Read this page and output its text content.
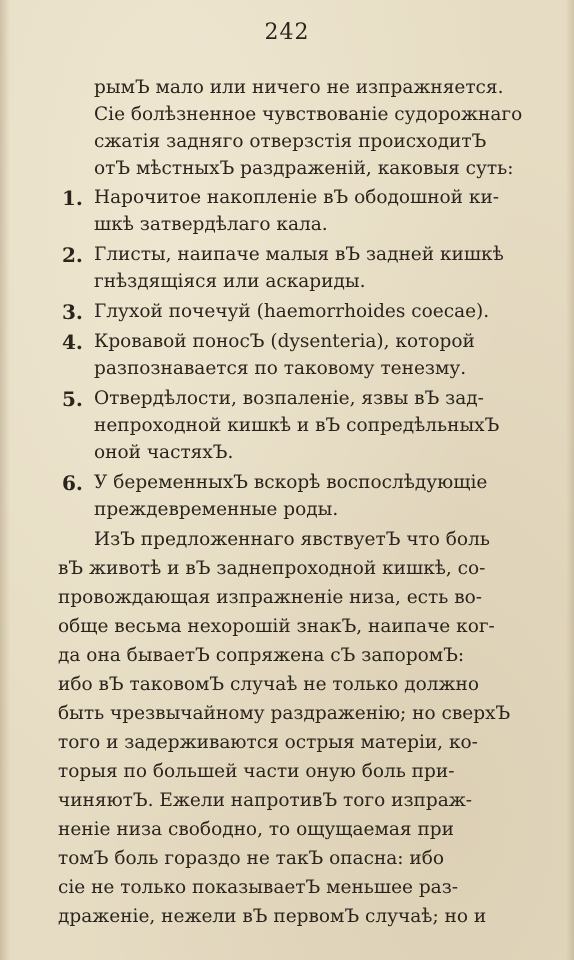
242
рымЪ мало или ничего не изпражняется.
Сiе болѣзненное чувствованiе судорожнаго
сжатiя задняго отверзстiя происходитЪ
отЪ мѣстныхЪ раздраженiй, каковыя суть:
1. Нарочитое накопленiе вЪ ободошной ки-
шкѣ затвердѣлаго кала.
2. Глисты, наипаче малыя вЪ задней кишкѣ
гнѣздящiяся или аскариды.
3. Глухой почечуй (haemorrhoides coecae).
4. Кровавой поносЪ (dysenteria), которой
разпознавается по таковому тенезму.
5. Отвердѣлости, возпаленiе, язвы вЪ зад-
непроходной кишкѣ и вЪ сопредѣльныхЪ
оной частяхЪ.
6. У беременныхЪ вскорѣ воспослѣдующiе
преждевременные роды.
ИзЪ предложеннаго явствуетЪ что боль
вЪ животѣ и вЪ заднепроходной кишкѣ, со-
провождающая изпражненiе низа, есть во-
обще весьма нехорошiй знакЪ, наипаче ког-
да она бываетЪ сопряжена сЪ запоромЪ:
ибо вЪ таковомЪ случаѣ не только должно
быть чрезвычайному раздраженiю; но сверхЪ
того и задерживаются острыя матерiи, ко-
торыя по большей части оную боль при-
чиняютЪ. Ежели напротивЪ того изпраж-
ненiе низа свободно, то ощущаемая при
томЪ боль гораздо не такЪ опасна: ибо
сiе не только показываетЪ меньшее раз-
драженiе, нежели вЪ первомЪ случаѣ; но и
